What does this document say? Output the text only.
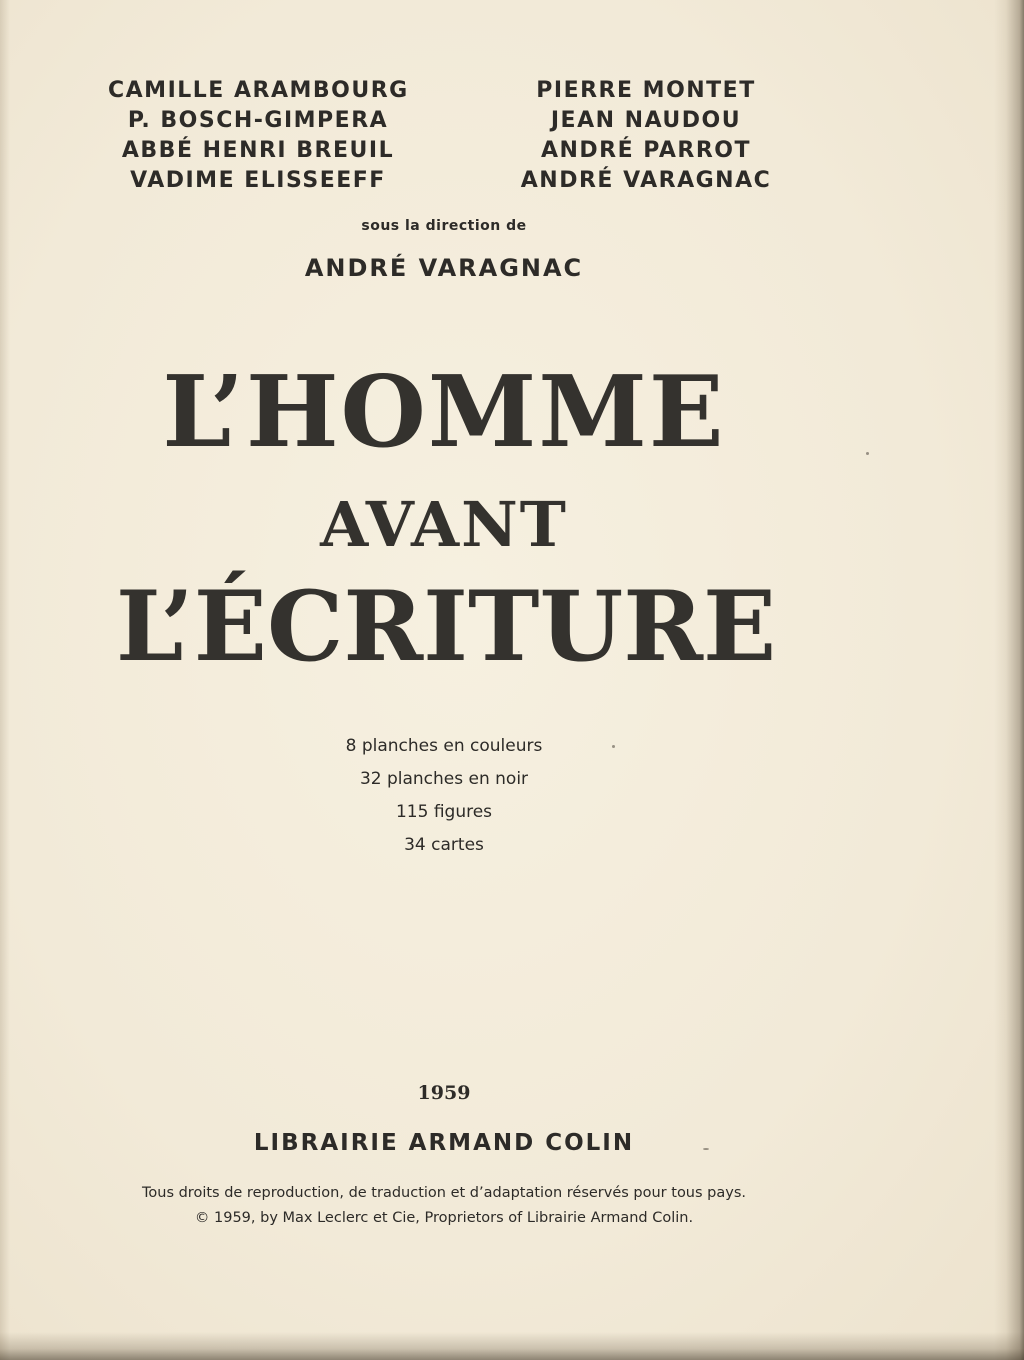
CAMILLE ARAMBOURG
P. BOSCH-GIMPERA
ABBÉ HENRI BREUIL
VADIME ELISSEEFF
PIERRE MONTET
JEAN NAUDOU
ANDRÉ PARROT
ANDRÉ VARAGNAC
sous la direction de
ANDRÉ VARAGNAC
L’HOMME
AVANT
L’ÉCRITURE
8 planches en couleurs
32 planches en noir
115 figures
34 cartes
1959
LIBRAIRIE ARMAND COLIN
Tous droits de reproduction, de traduction et d’adaptation réservés pour tous pays.
© 1959, by Max Leclerc et Cie, Proprietors of Librairie Armand Colin.
